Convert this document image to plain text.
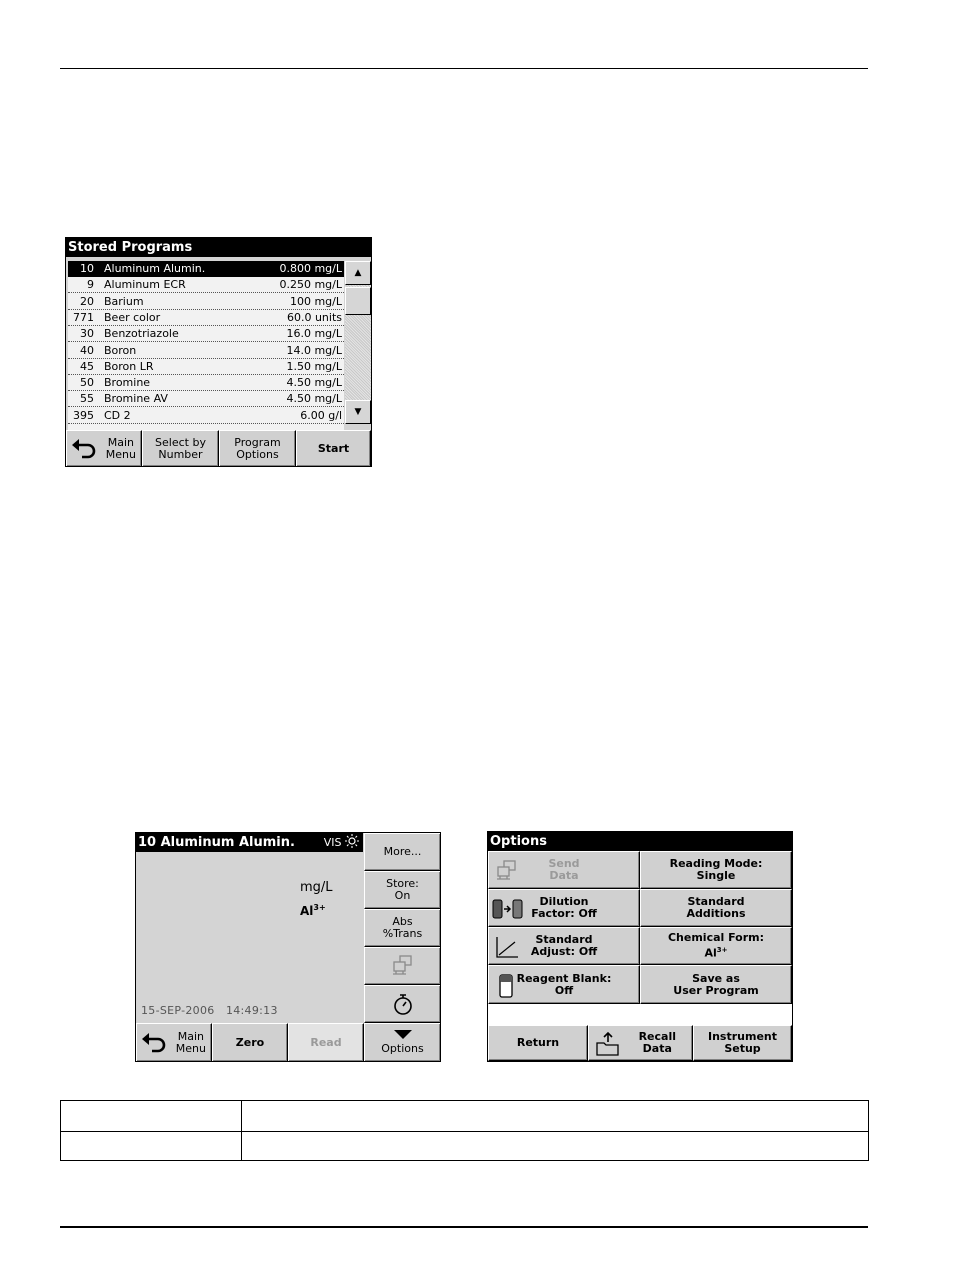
Stored Programs
10 Aluminum Alumin.	0.800 mg/L
9 Aluminum ECR	0.250 mg/L
20 Barium	100 mg/L
771 Beer color	60.0 units
30 Benzotriazole	16.0 mg/L
40 Boron	14.0 mg/L
45 Boron LR	1.50 mg/L
50 Bromine	4.50 mg/L
55 Bromine AV	4.50 mg/L
395 CD 2	6.00 g/l
▲
▼
Main
Menu
Select by
Number
Program
Options	Start
10 Aluminum Alumin.	VIS
mg/L
$Al^{3+}$
15-SEP-2006 14:49:13
More...
Store:
On
Abs
%Trans
Options
Main
Menu	Zero	Read
Options
Send
Data
Reading Mode:
Single
Dilution
Factor: Off
Standard
Additions
Standard
Adjust: Off
Chemical Form:
$Al^{3+}$
Reagent Blank:
Off
Save as
User Program
Return	Recall
Data
Instrument
Setup
